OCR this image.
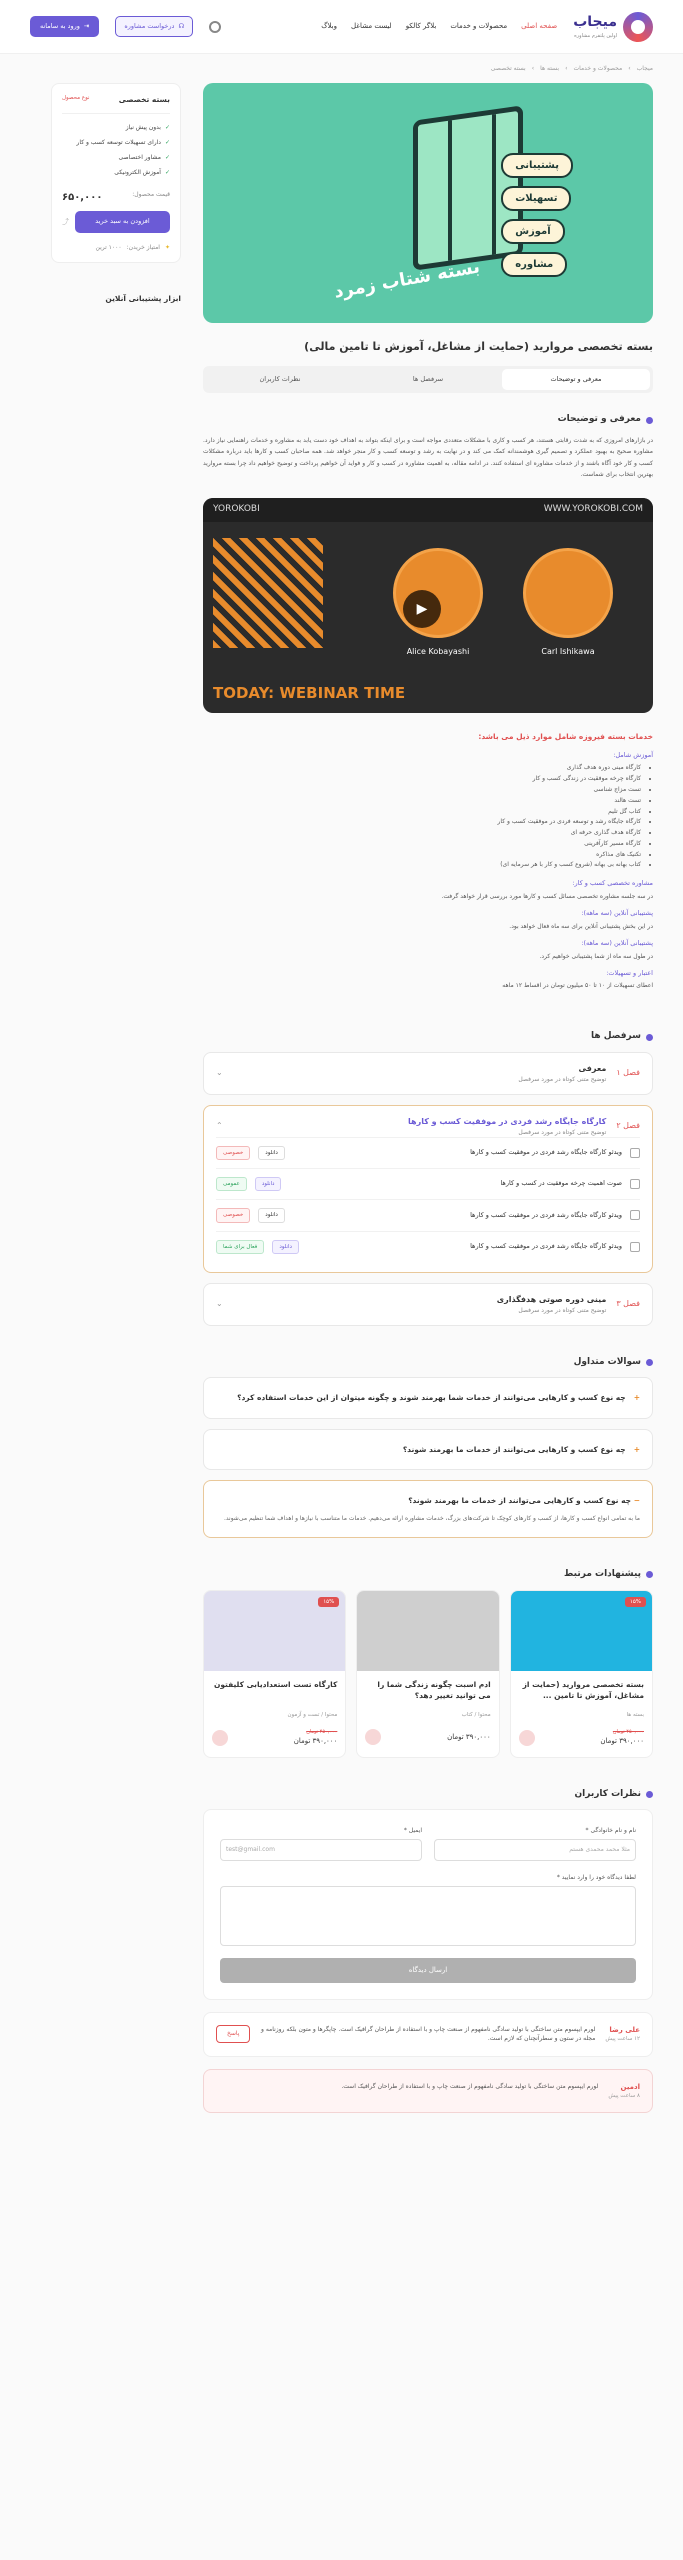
میجاب
اولین پلتفرم مشاوره
صفحه اصلی
محصولات و خدمات
بلاگر کالکو
لیست مشاغل
وبلاگ
☊
درخواست مشاوره
⇥
ورود به سامانه
میجاب
›
محصولات و خدمات
›
بسته ها
›
بسته تخصصی
پشتیبانی
تسهیلات
آموزش
مشاوره
بسته شتاب زمرد
بسته تخصصی مروارید (حمایت از مشاغل، آموزش تا تامین مالی)
معرفی و توضیحات
سرفصل ها
نظرات کاربران
معرفی و توضیحات

در بازارهای امروزی که به شدت رقابتی هستند، هر کسب و کاری با مشکلات متعددی مواجه است و برای اینکه بتواند به اهداف خود دست یابد به مشاوره و خدمات راهنمایی نیاز دارد. مشاوره صحیح به بهبود عملکرد و تصمیم گیری هوشمندانه کمک می کند و در نهایت به رشد و توسعه کسب و کار منجر خواهد شد. همه صاحبان کسب و کارها باید درباره مشکلات کسب و کار خود آگاه باشند و از خدمات مشاوره ای استفاده کنند. در ادامه مقاله، به اهمیت مشاوره در کسب و کار و فواید آن خواهیم پرداخت و توضیح خواهیم داد چرا بسته مروارید بهترین انتخاب برای شماست.

WWW.YOROKOBI.COM
YOROKOBI
TODAY: WEBINAR TIME
Alice Kobayashi	Carl Ishikawa
▶
خدمات بسته فیروزه شامل موارد ذیل می باشد:
آموزش شامل:
• کارگاه مینی دوره هدف گذاری
• کارگاه چرخه موفقیت در زندگی کسب و کار
• تست مزاج شناسی
• تست هالند
• کتاب گل تلیم
• کارگاه جایگاه رشد و توسعه فردی در موفقیت کسب و کار
• کارگاه هدف گذاری حرفه ای
• کارگاه مسیر کارآفرینی
• تکنیک های مذاکره
• کتاب بهانه بی بهانه (شروع کسب و کار با هر سرمایه ای)
مشاوره تخصصی کسب و کار:

در سه جلسه مشاوره تخصصی مسائل کسب و کارها مورد بررسی قرار خواهد گرفت.

پشتیبانی آنلاین (سه ماهه):

در این بخش پشتیبانی آنلاین برای سه ماه فعال خواهد بود.

پشتیبانی آنلاین (سه ماهه):

در طول سه ماه از شما پشتیبانی خواهیم کرد.

اعتبار و تسهیلات:

اعطای تسهیلات از ۱۰ تا ۵۰ میلیون تومان در اقساط ۱۲ ماهه

سرفصل ها
فصل ۱
معرفی
توضیح متنی کوتاه در مورد سرفصل
⌄
فصل ۲
کارگاه جایگاه رشد فردی در موفقیت کسب و کارها
توضیح متنی کوتاه در مورد سرفصل
⌃
ویدئو کارگاه جایگاه رشد فردی در موفقیت کسب و کارها
دانلود
خصوصی
صوت اهمیت چرخه موفقیت در کسب و کارها
دانلود
عمومی
ویدئو کارگاه جایگاه رشد فردی در موفقیت کسب و کارها
دانلود
خصوصی
ویدئو کارگاه جایگاه رشد فردی در موفقیت کسب و کارها
دانلود
فعال برای شما
فصل ۳
مینی دوره صوتی هدفگذاری
توضیح متنی کوتاه در مورد سرفصل
⌄
سوالات متداول
+
چه نوع کسب و کارهایی می‌توانند از خدمات شما بهرمند شوند و چگونه میتوان از این خدمات استفاده کرد؟
+
چه نوع کسب و کارهایی می‌توانند از خدمات ما بهرمند شوند؟
− چه نوع کسب و کارهایی می‌توانند از خدمات ما بهرمند شوند؟
ما به تمامی انواع کسب و کارها، از کسب و کارهای کوچک تا شرکت‌های بزرگ، خدمات مشاوره ارائه می‌دهیم. خدمات ما متناسب با نیازها و اهداف شما تنظیم می‌شوند.
پیشنهادات مرتبط
۱۵%
بسته تخصصی مروارید (حمایت از مشاغل، آموزش تا تامین ...
بسته ها
۴۵۰,۰۰۰ تومان
۳۹۰,۰۰۰ تومان
ادم اسبت چگونه زندگی شما را می توانید تغییر دهد؟
محتوا / کتاب
۳۹۰,۰۰۰ تومان
۱۵%
کارگاه تست استعدادیابی کلیفتون
محتوا / تست و آزمون
۴۵۰,۰۰۰ تومان
۳۹۰,۰۰۰ تومان
نظرات کاربران
نام و نام خانوادگی *
مثلا محمد محمدی هستم
ایمیل *
test@gmail.com
لطفا دیدگاه خود را وارد نمایید *
ارسال دیدگاه
علی رضا
۱۲ ساعت پیش
لورم ایپسوم متن ساختگی با تولید سادگی نامفهوم از صنعت چاپ و با استفاده از طراحان گرافیک است. چاپگرها و متون بلکه روزنامه و مجله در ستون و سطرآنچنان که لازم است.
پاسخ
ادمین
۸ ساعت پیش
لورم ایپسوم متن ساختگی با تولید سادگی نامفهوم از صنعت چاپ و با استفاده از طراحان گرافیک است.
بسته تخصصی
نوع محصول
✓
بدون پیش نیاز
✓
دارای تسهیلات توسعه کسب و کار
✓
مشاور اختصاصی
✓
آموزش الکترونیکی
قیمت محصول:
۶۵۰,۰۰۰
افزودن به سبد خرید
⤴
✦
امتیاز خریدن:
۱۰۰۰ ترین
ابزار پشتیبانی آنلاین
